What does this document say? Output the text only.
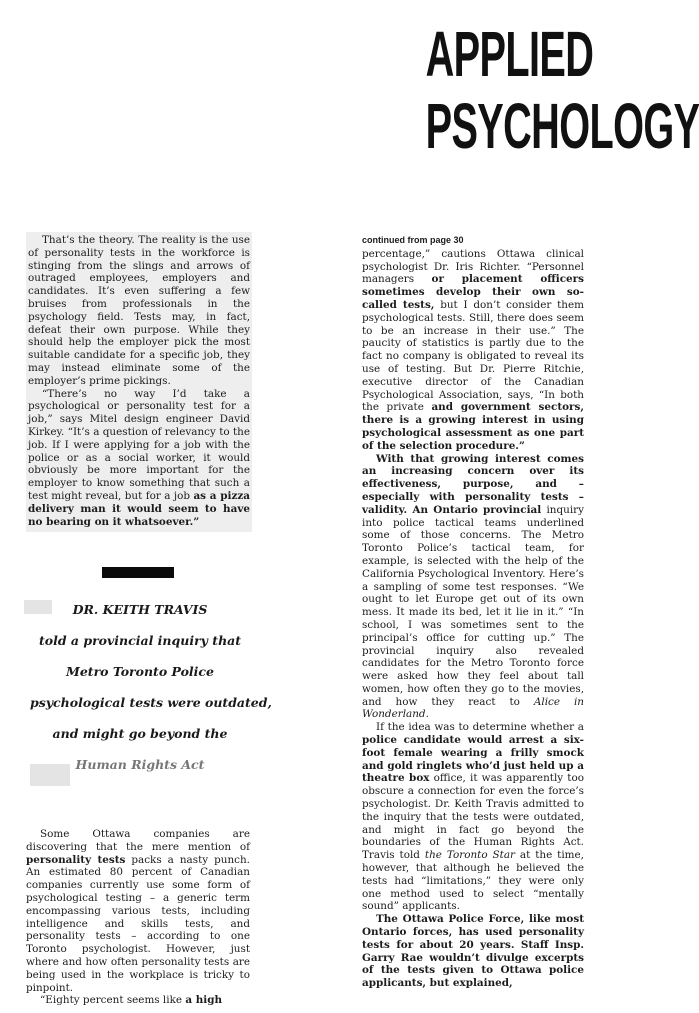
APPLIED
PSYCHOLOGY

That’s the theory. The reality is the use of personality tests in the workforce is stinging from the slings and arrows of outraged employees, employers and candidates. It’s even suffering a few bruises from professionals in the psychology field. Tests may, in fact, defeat their own purpose. While they should help the employer pick the most suitable candidate for a specific job, they may instead eliminate some of the employer’s prime pickings.

“There’s no way I’d take a psychological or personality test for a job,” says Mitel design engineer David Kirkey. “It’s a question of relevancy to the job. If I were applying for a job with the police or as a social worker, it would obviously be more important for the employer to know something that such a test might reveal, but for a job as a pizza delivery man it would seem to have no bearing on it whatsoever.”

DR. KEITH TRAVIS
told a provincial inquiry that
Metro Toronto Police
psychological tests were outdated,
and might go beyond the
Human Rights Act

Some Ottawa companies are discovering that the mere mention of personality tests packs a nasty punch. An estimated 80 percent of Canadian companies currently use some form of psychological testing – a generic term encompassing various tests, including intelligence and skills tests, and personality tests – according to one Toronto psychologist. However, just where and how often personality tests are being used in the workplace is tricky to pinpoint.

“Eighty percent seems like a high

continued from page 30

percentage,” cautions Ottawa clinical psychologist Dr. Iris Richter. “Personnel managers or placement officers sometimes develop their own so-called tests, but I don’t consider them psychological tests. Still, there does seem to be an increase in their use.” The paucity of statistics is partly due to the fact no company is obligated to reveal its use of testing. But Dr. Pierre Ritchie, executive director of the Canadian Psychological Association, says, “In both the private and government sectors, there is a growing interest in using psychological assessment as one part of the selection procedure.”

With that growing interest comes an increasing concern over its effectiveness, purpose, and – especially with personality tests – validity. An Ontario provincial inquiry into police tactical teams underlined some of those concerns. The Metro Toronto Police’s tactical team, for example, is selected with the help of the California Psychological Inventory. Here’s a sampling of some test responses. “We ought to let Europe get out of its own mess. It made its bed, let it lie in it.” “In school, I was sometimes sent to the principal’s office for cutting up.” The provincial inquiry also revealed candidates for the Metro Toronto force were asked how they feel about tall women, how often they go to the movies, and how they react to Alice in Wonderland.

If the idea was to determine whether a police candidate would arrest a six-foot female wearing a frilly smock and gold ringlets who’d just held up a theatre box office, it was apparently too obscure a connection for even the force’s psychologist. Dr. Keith Travis admitted to the inquiry that the tests were outdated, and might in fact go beyond the boundaries of the Human Rights Act. Travis told the Toronto Star at the time, however, that although he believed the tests had “limitations,” they were only one method used to select “mentally sound” applicants.

The Ottawa Police Force, like most Ontario forces, has used personality tests for about 20 years. Staff Insp. Garry Rae wouldn’t divulge excerpts of the tests given to Ottawa police applicants, but explained,
